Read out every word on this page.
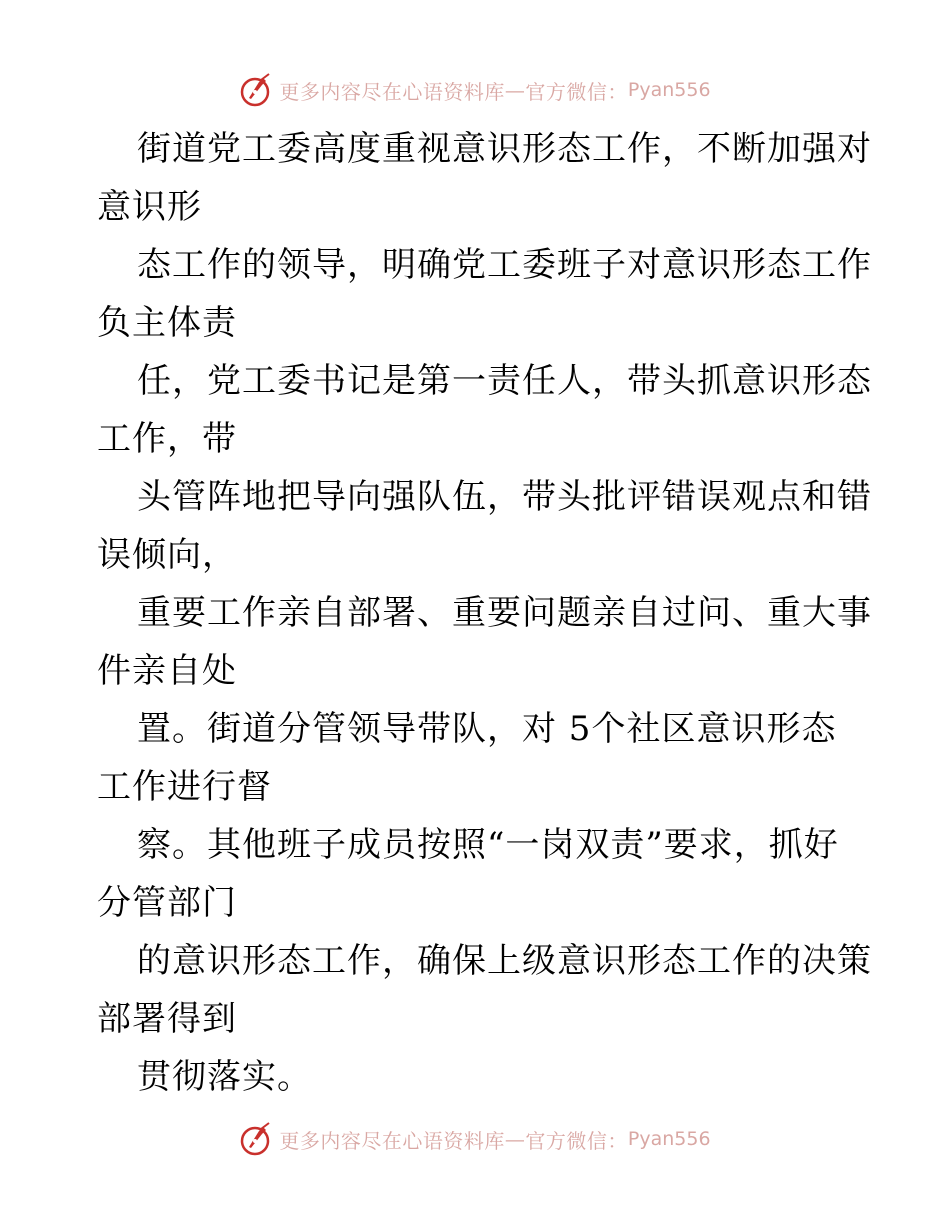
更多内容尽在心语资料库 — 官方微信： Pyan556
街道党工委高度重视意识形态工作，不断加强对
意识形
态工作的领导，明确党工委班子对意识形态工作
负主体责
任，党工委书记是第一责任人，带头抓意识形态
工作，带
头管阵地把导向强队伍，带头批评错误观点和错
误倾向，
重要工作亲自部署、重要问题亲自过问、重大事
件亲自处
置。街道分管领导带队，对 5个社区意识形态
工作进行督
察。其他班子成员按照“一岗双责”要求，抓好
分管部门
的意识形态工作，确保上级意识形态工作的决策
部署得到
贯彻落实。
更多内容尽在心语资料库 — 官方微信： Pyan556
